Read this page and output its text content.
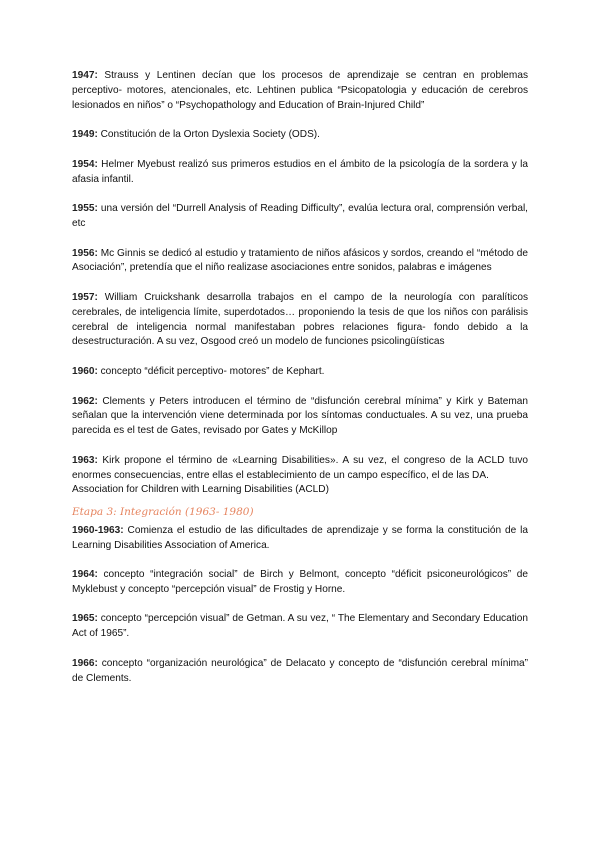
1947: Strauss y Lentinen decían que los procesos de aprendizaje se centran en problemas perceptivo- motores, atencionales, etc. Lehtinen publica “Psicopatologia y educación de cerebros lesionados en niños” o “Psychopathology and Education of Brain-Injured Child”

1949: Constitución de la Orton Dyslexia Society (ODS).

1954: Helmer Myebust realizó sus primeros estudios en el ámbito de la psicología de la sordera y la afasia infantil.

1955: una versión del “Durrell Analysis of Reading Difficulty”, evalúa lectura oral, comprensión verbal, etc

1956: Mc Ginnis se dedicó al estudio y tratamiento de niños afásicos y sordos, creando el “método de Asociación”, pretendía que el niño realizase asociaciones entre sonidos, palabras e imágenes

1957: William Cruickshank desarrolla trabajos en el campo de la neurología con paralíticos cerebrales, de inteligencia límite, superdotados… proponiendo la tesis de que los niños con parálisis cerebral de inteligencia normal manifestaban pobres relaciones figura- fondo debido a la desestructuración. A su vez, Osgood creó un modelo de funciones psicolingüísticas

1960: concepto “déficit perceptivo- motores” de Kephart.

1962: Clements y Peters introducen el término de “disfunción cerebral mínima” y Kirk y Bateman señalan que la intervención viene determinada por los síntomas conductuales. A su vez, una prueba parecida es el test de Gates, revisado por Gates y McKillop

1963: Kirk propone el término de «Learning Disabilities». A su vez, el congreso de la ACLD tuvo enormes consecuencias, entre ellas el establecimiento de un campo específico, el de las DA.

Association for Children with Learning Disabilities (ACLD)

Etapa 3: Integración (1963- 1980)

1960-1963: Comienza el estudio de las dificultades de aprendizaje y se forma la constitución de la Learning Disabilities Association of America.

1964: concepto “integración social” de Birch y Belmont, concepto “déficit psiconeurológicos” de Myklebust y concepto “percepción visual” de Frostig y Horne.

1965: concepto “percepción visual” de Getman. A su vez, “ The Elementary and Secondary Education Act of 1965”.

1966: concepto “organización neurológica” de Delacato y concepto de “disfunción cerebral mínima” de Clements.
